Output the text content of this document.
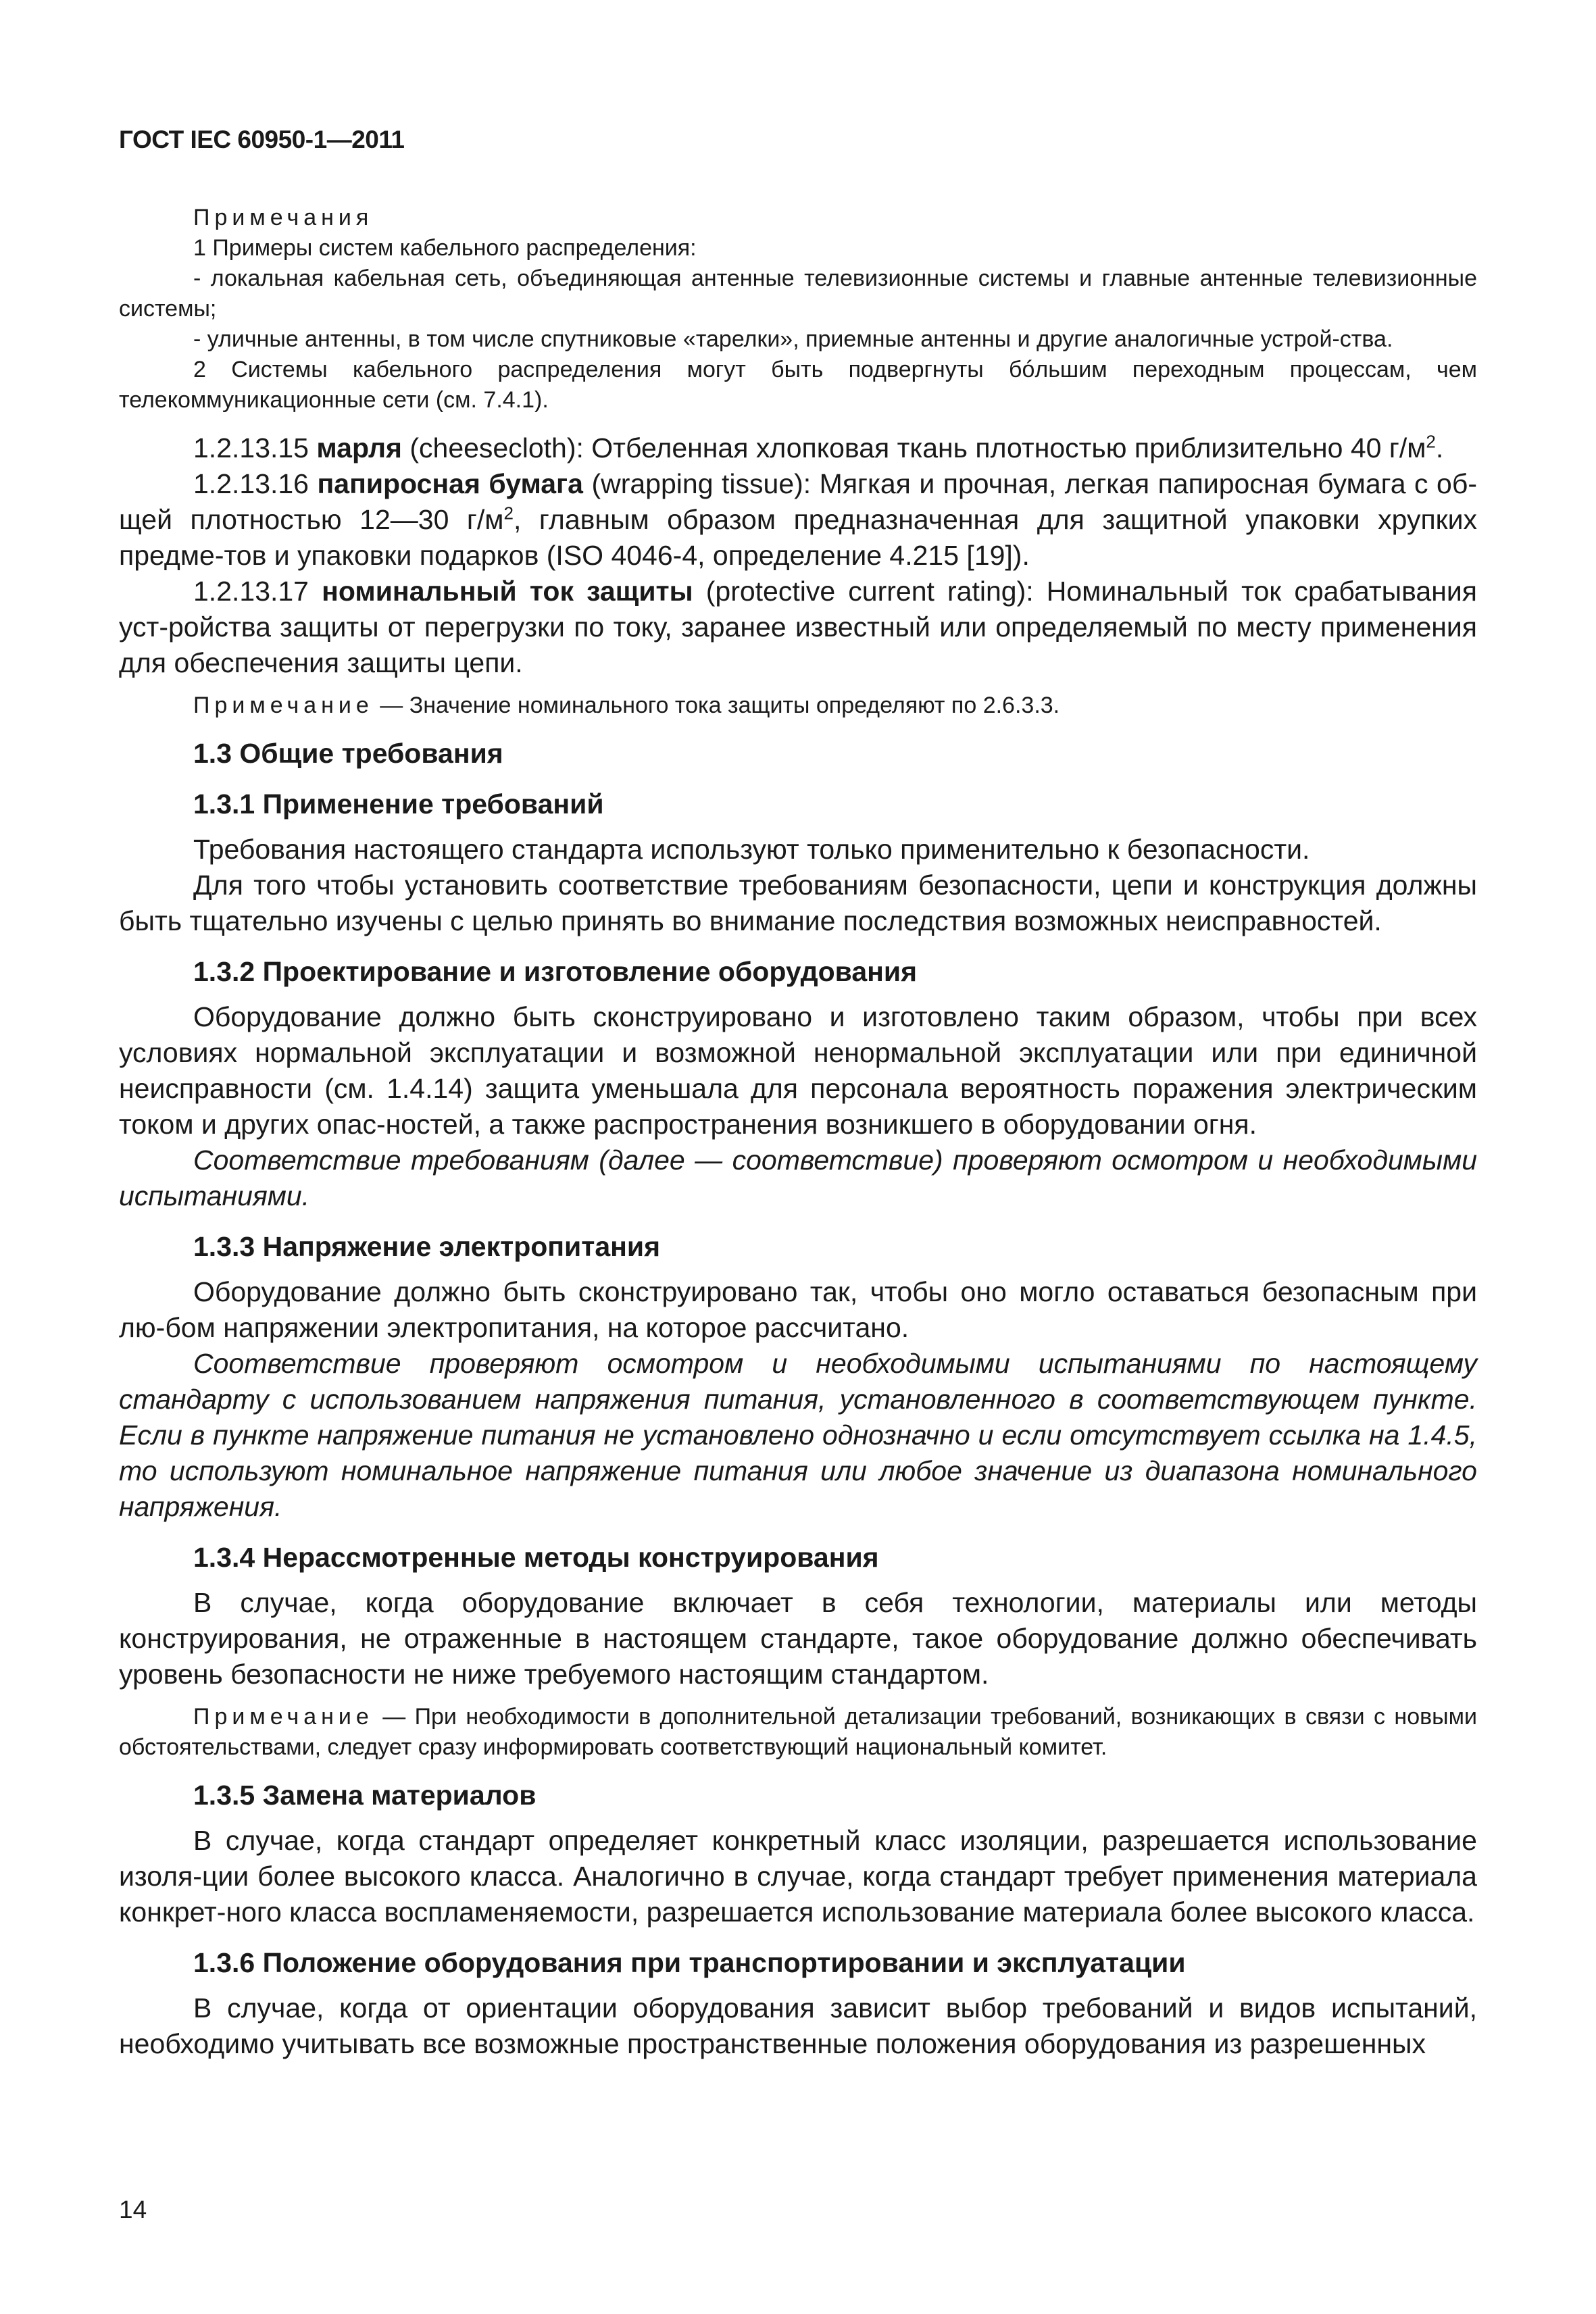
ГОСТ IEC 60950-1—2011

Примечания

1 Примеры систем кабельного распределения:

- локальная кабельная сеть, объединяющая антенные телевизионные системы и главные антенные телевизионные системы;

- уличные антенны, в том числе спутниковые «тарелки», приемные антенны и другие аналогичные устрой-ства.

2 Системы кабельного распределения могут быть подвергнуты бóльшим переходным процессам, чем телекоммуникационные сети (см. 7.4.1).

1.2.13.15 марля (cheesecloth): Отбеленная хлопковая ткань плотностью приблизительно 40 $г/м^2$.

1.2.13.16 папиросная бумага (wrapping tissue): Мягкая и прочная, легкая папиросная бумага с об-щей плотностью 12—30 $г/м^2$, главным образом предназначенная для защитной упаковки хрупких предме-тов и упаковки подарков (ISO 4046-4, определение 4.215 [19]).

1.2.13.17 номинальный ток защиты (protective current rating): Номинальный ток срабатывания уст-ройства защиты от перегрузки по току, заранее известный или определяемый по месту применения для обеспечения защиты цепи.

Примечание — Значение номинального тока защиты определяют по 2.6.3.3.

1.3 Общие требования

1.3.1 Применение требований

Требования настоящего стандарта используют только применительно к безопасности.

Для того чтобы установить соответствие требованиям безопасности, цепи и конструкция должны быть тщательно изучены с целью принять во внимание последствия возможных неисправностей.

1.3.2 Проектирование и изготовление оборудования

Оборудование должно быть сконструировано и изготовлено таким образом, чтобы при всех условиях нормальной эксплуатации и возможной ненормальной эксплуатации или при единичной неисправности (см. 1.4.14) защита уменьшала для персонала вероятность поражения электрическим током и других опас-ностей, а также распространения возникшего в оборудовании огня.

Соответствие требованиям (далее — соответствие) проверяют осмотром и необходимыми испытаниями.

1.3.3 Напряжение электропитания

Оборудование должно быть сконструировано так, чтобы оно могло оставаться безопасным при лю-бом напряжении электропитания, на которое рассчитано.

Соответствие проверяют осмотром и необходимыми испытаниями по настоящему стандарту с использованием напряжения питания, установленного в соответствующем пункте. Если в пункте напряжение питания не установлено однозначно и если отсутствует ссылка на 1.4.5, то используют номинальное напряжение питания или любое значение из диапазона номинального напряжения.

1.3.4 Нерассмотренные методы конструирования

В случае, когда оборудование включает в себя технологии, материалы или методы конструирования, не отраженные в настоящем стандарте, такое оборудование должно обеспечивать уровень безопасности не ниже требуемого настоящим стандартом.

Примечание — При необходимости в дополнительной детализации требований, возникающих в связи с новыми обстоятельствами, следует сразу информировать соответствующий национальный комитет.

1.3.5 Замена материалов

В случае, когда стандарт определяет конкретный класс изоляции, разрешается использование изоля-ции более высокого класса. Аналогично в случае, когда стандарт требует применения материала конкрет-ного класса воспламеняемости, разрешается использование материала более высокого класса.

1.3.6 Положение оборудования при транспортировании и эксплуатации

В случае, когда от ориентации оборудования зависит выбор требований и видов испытаний, необходимо учитывать все возможные пространственные положения оборудования из разрешенных

14
